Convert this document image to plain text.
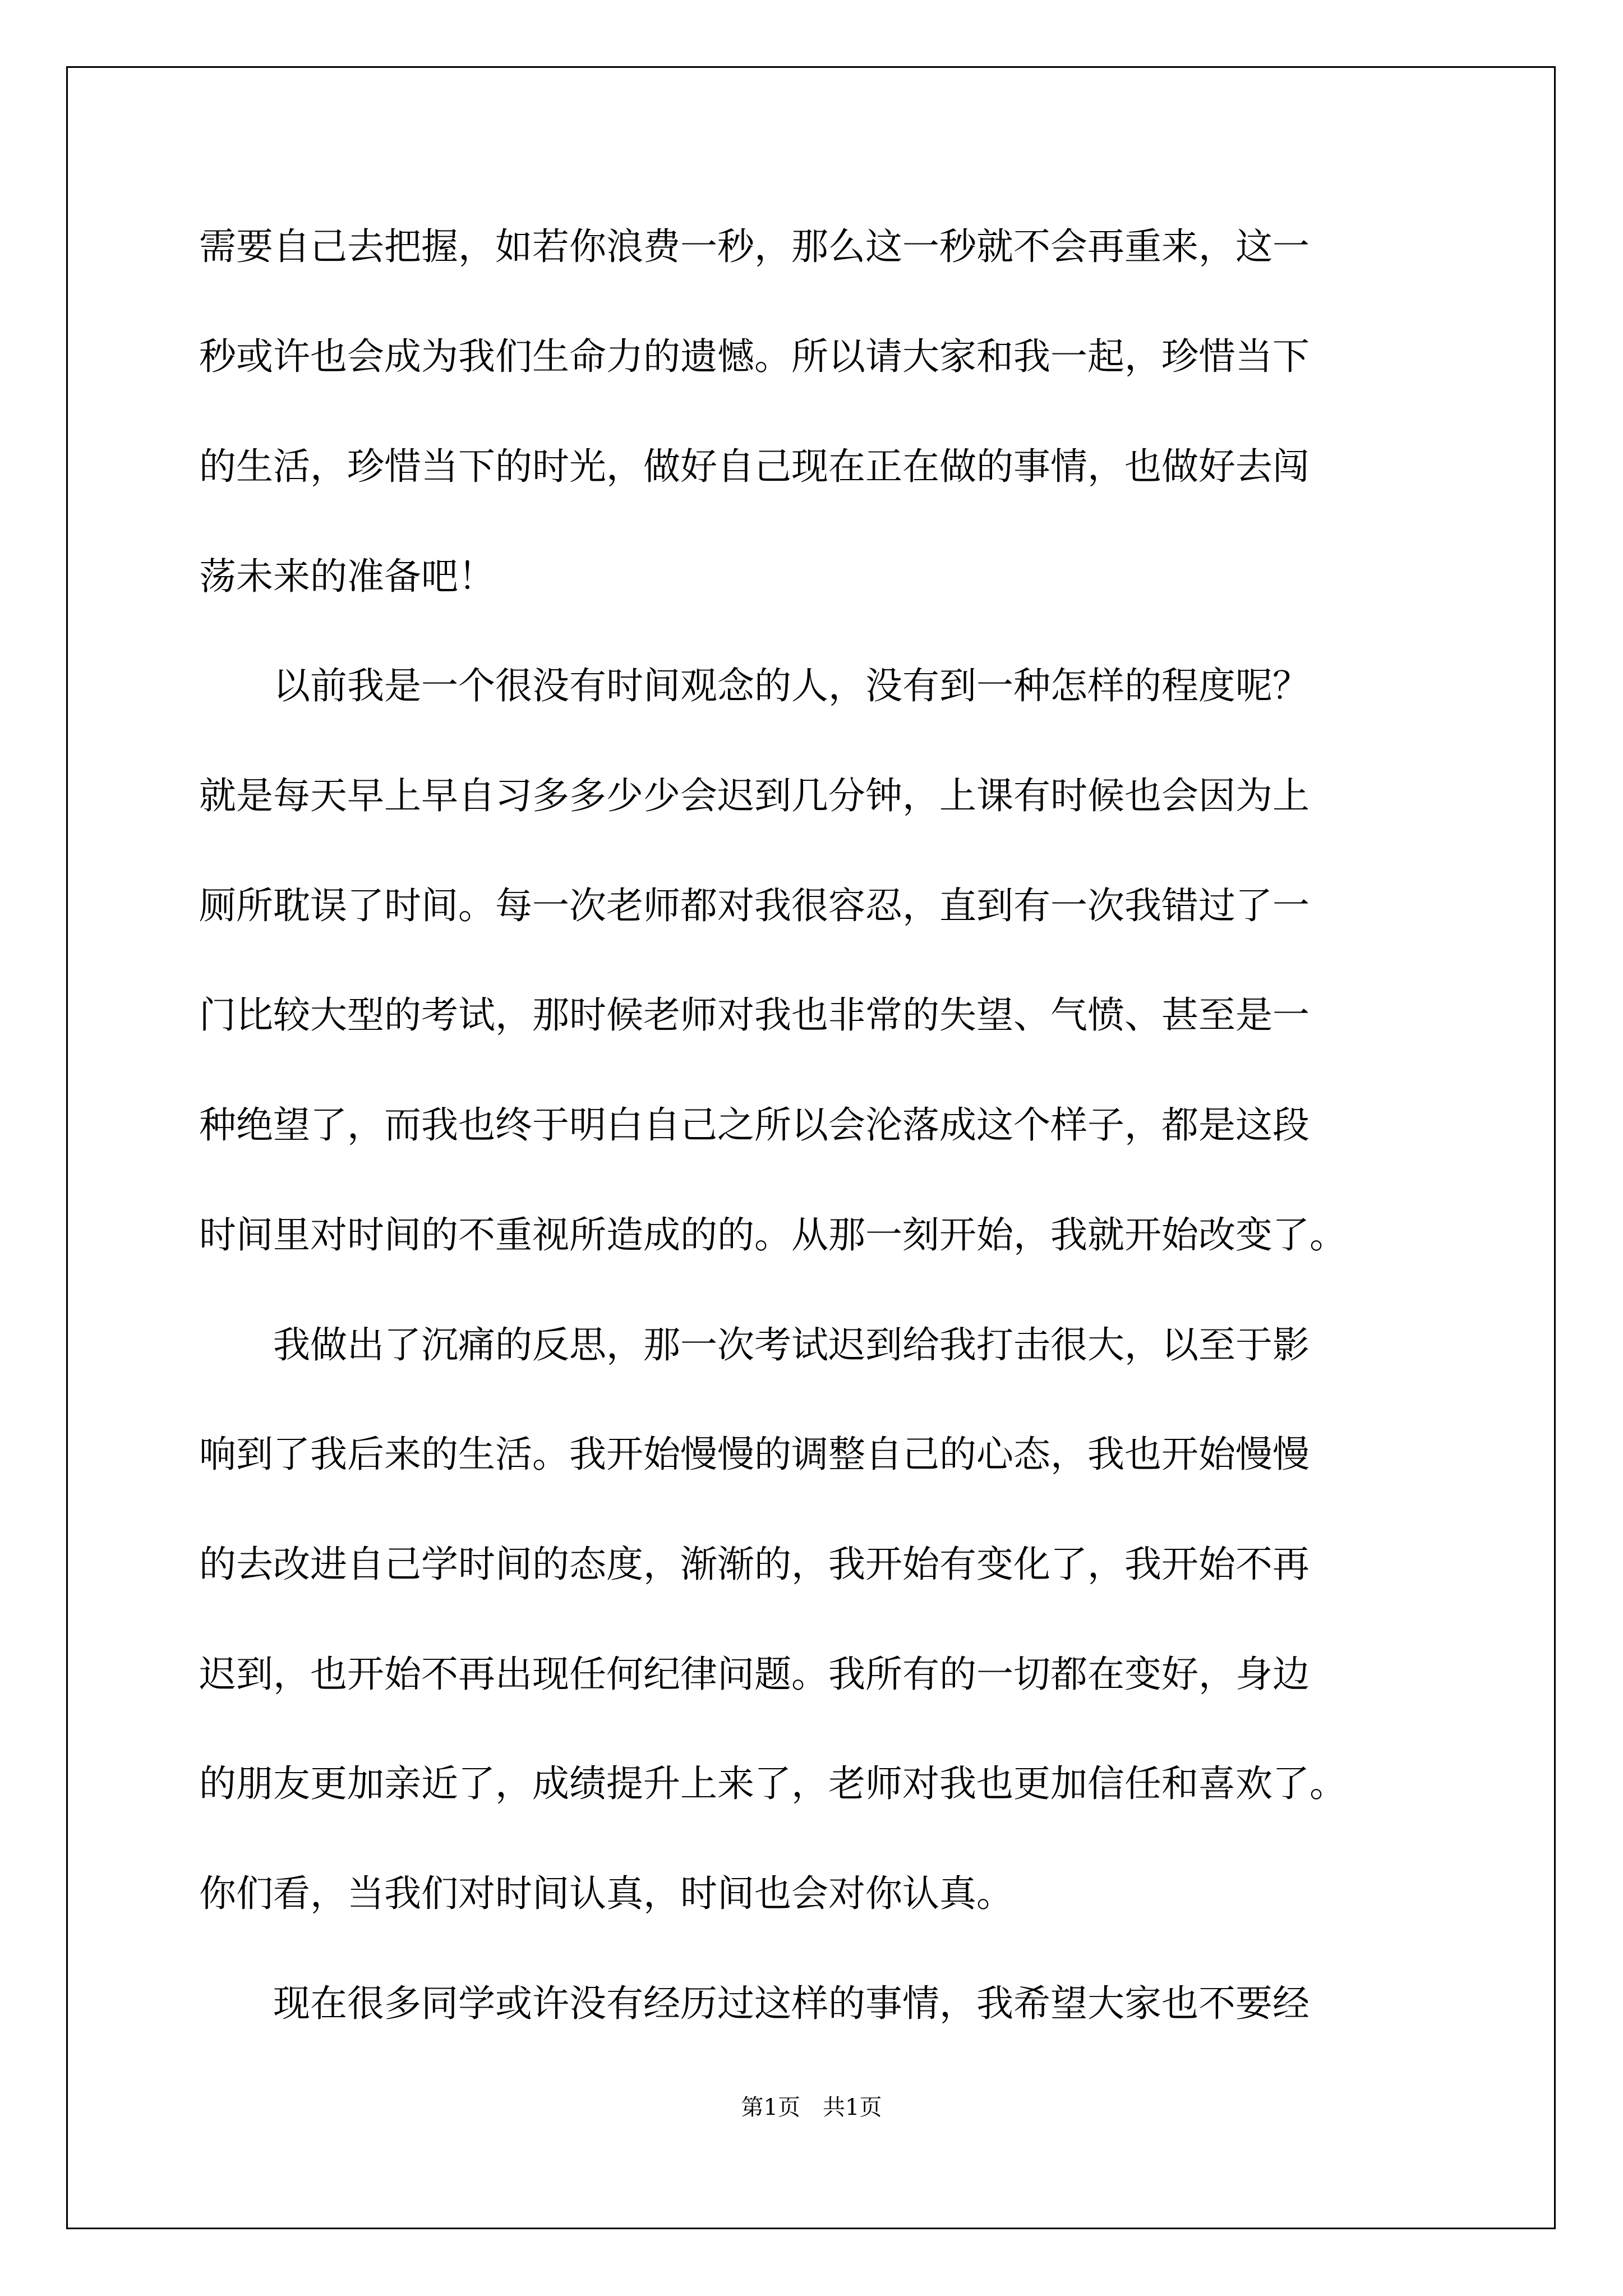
需要自己去把握，如若你浪费一秒，那么这一秒就不会再重来，这一
秒或许也会成为我们生命力的遗憾。所以请大家和我一起，珍惜当下
的生活，珍惜当下的时光，做好自己现在正在做的事情，也做好去闯
荡未来的准备吧！
　　以前我是一个很没有时间观念的人，没有到一种怎样的程度呢？
就是每天早上早自习多多少少会迟到几分钟，上课有时候也会因为上
厕所耽误了时间。每一次老师都对我很容忍，直到有一次我错过了一
门比较大型的考试，那时候老师对我也非常的失望、气愤、甚至是一
种绝望了，而我也终于明白自己之所以会沦落成这个样子，都是这段
时间里对时间的不重视所造成的的。从那一刻开始，我就开始改变了。
　　我做出了沉痛的反思，那一次考试迟到给我打击很大，以至于影
响到了我后来的生活。我开始慢慢的调整自己的心态，我也开始慢慢
的去改进自己学时间的态度，渐渐的，我开始有变化了，我开始不再
迟到，也开始不再出现任何纪律问题。我所有的一切都在变好，身边
的朋友更加亲近了，成绩提升上来了，老师对我也更加信任和喜欢了。
你们看，当我们对时间认真，时间也会对你认真。
　　现在很多同学或许没有经历过这样的事情，我希望大家也不要经
第1页　共1页
